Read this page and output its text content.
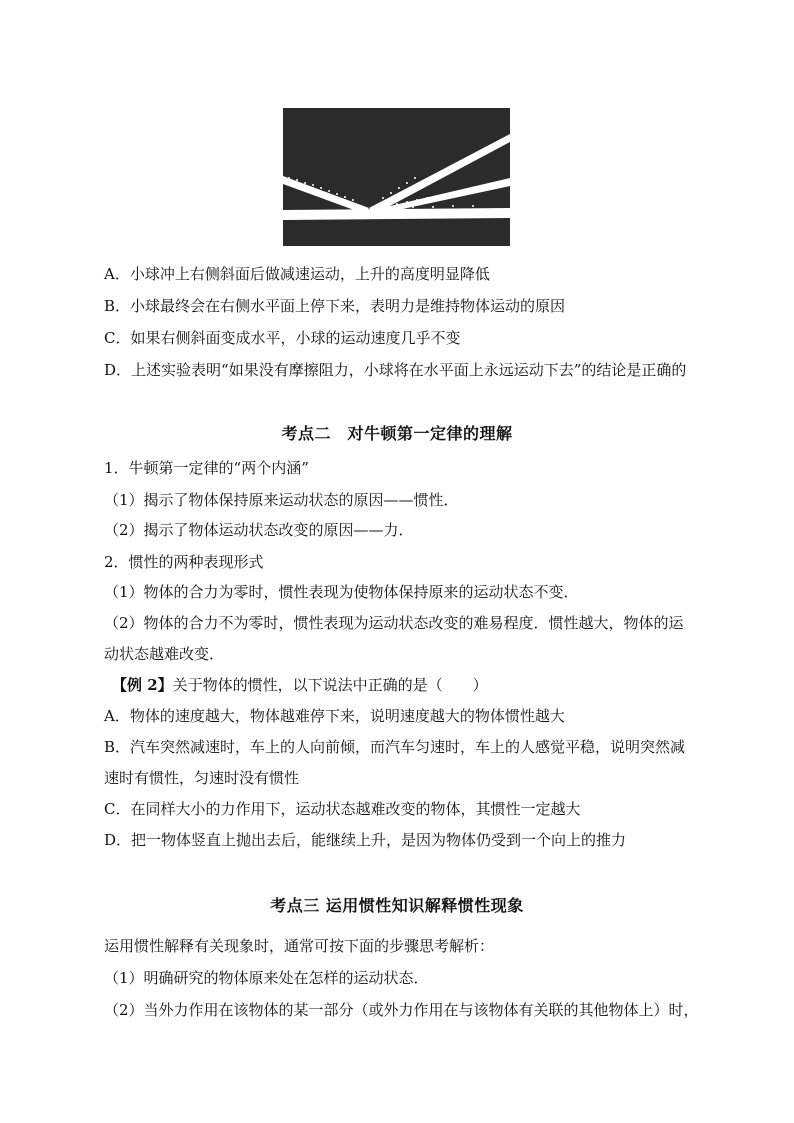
A．小球冲上右侧斜面后做减速运动，上升的高度明显降低
B．小球最终会在右侧水平面上停下来，表明力是维持物体运动的原因
C．如果右侧斜面变成水平，小球的运动速度几乎不变
D．上述实验表明“如果没有摩擦阻力，小球将在水平面上永远运动下去”的结论是正确的
考点二　对牛顿第一定律的理解
1．牛顿第一定律的“两个内涵”
（1）揭示了物体保持原来运动状态的原因——惯性．
（2）揭示了物体运动状态改变的原因——力．
2．惯性的两种表现形式
（1）物体的合力为零时，惯性表现为使物体保持原来的运动状态不变．
（2）物体的合力不为零时，惯性表现为运动状态改变的难易程度．惯性越大，物体的运
动状态越难改变．
【例 2】关于物体的惯性，以下说法中正确的是（　　）
A．物体的速度越大，物体越难停下来，说明速度越大的物体惯性越大
B．汽车突然减速时，车上的人向前倾，而汽车匀速时，车上的人感觉平稳，说明突然减
速时有惯性，匀速时没有惯性
C．在同样大小的力作用下，运动状态越难改变的物体，其惯性一定越大
D．把一物体竖直上抛出去后，能继续上升，是因为物体仍受到一个向上的推力
考点三 运用惯性知识解释惯性现象
运用惯性解释有关现象时，通常可按下面的步骤思考解析：
（1）明确研究的物体原来处在怎样的运动状态．
（2）当外力作用在该物体的某一部分（或外力作用在与该物体有关联的其他物体上）时，
